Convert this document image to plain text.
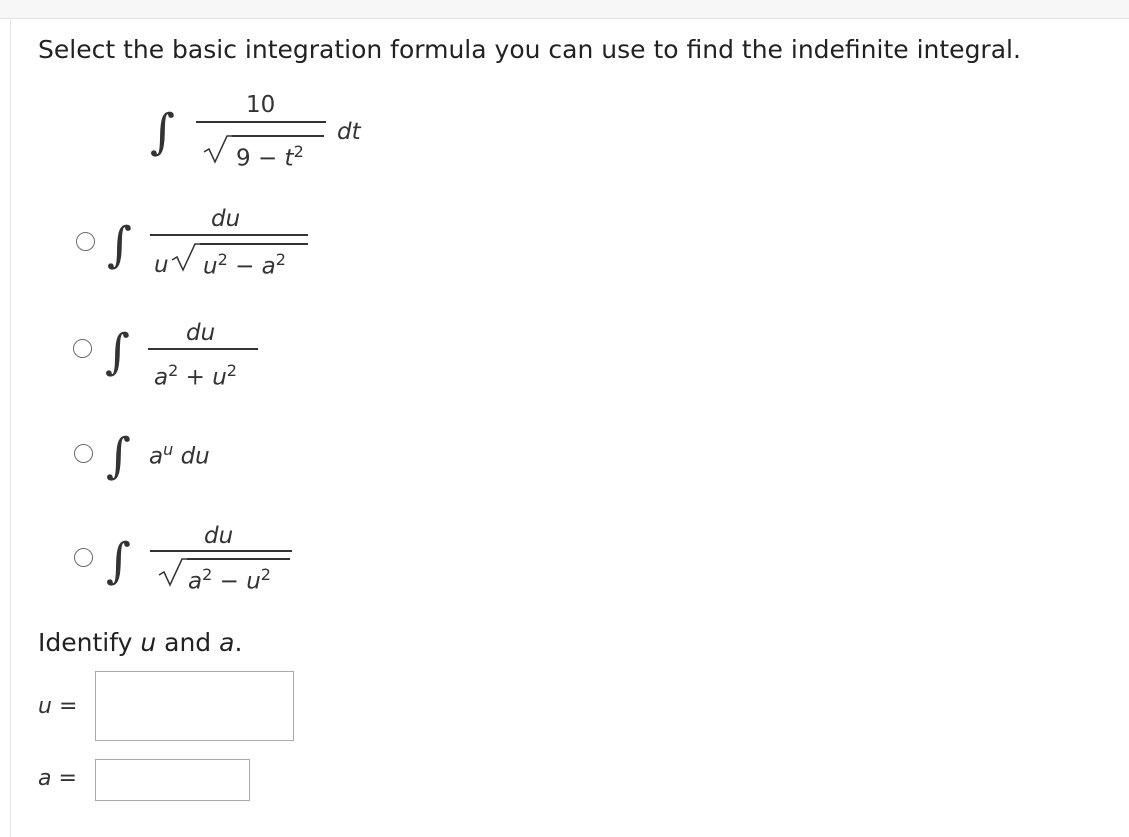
Select the basic integration formula you can use to find the indefinite integral.
∫	10
$9 - t^2$
dt
∫	du
u $u^2 - a^2$
∫ du
$a^2 + u^2$
∫ $a^u$ du
∫	du
$a^2 - u^2$
Identify u and a.
u =
a =
